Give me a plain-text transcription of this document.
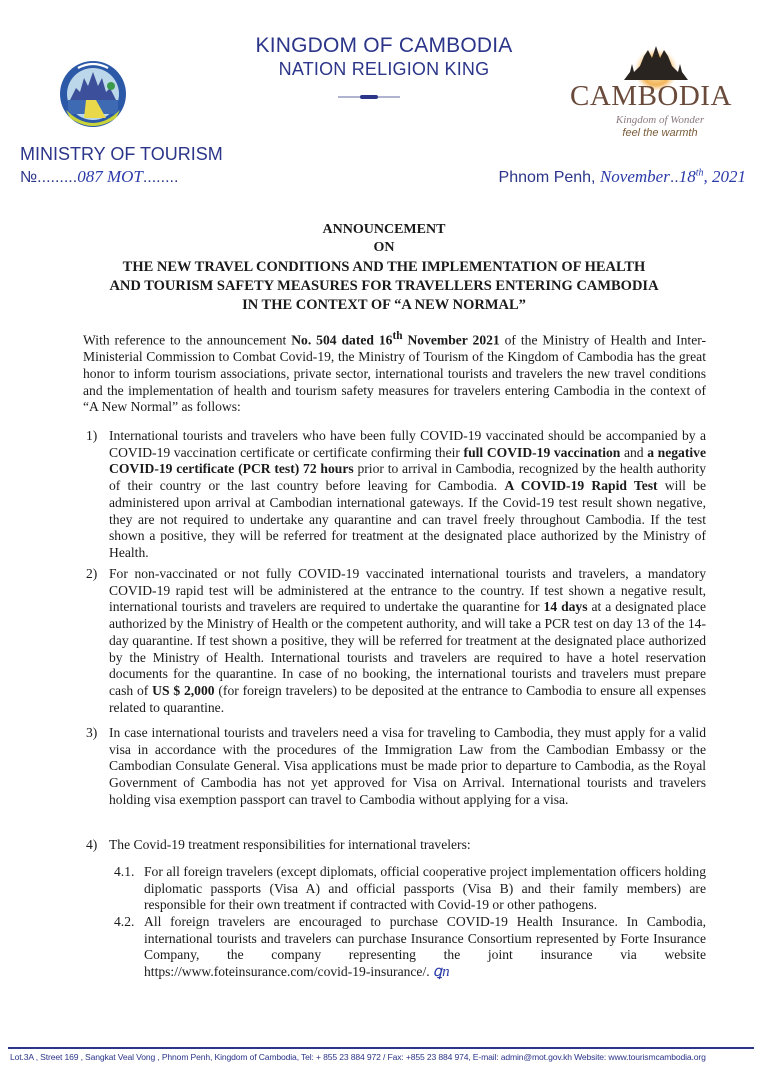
KINGDOM OF CAMBODIA
NATION RELIGION KING
CAMBODIA
Kingdom of Wonder
feel the warmth
MINISTRY OF TOURISM
№.........087 MOT........	Phnom Penh, November..18th, 2021
ANNOUNCEMENT
ON
THE NEW TRAVEL CONDITIONS AND THE IMPLEMENTATION OF HEALTH
AND TOURISM SAFETY MEASURES FOR TRAVELLERS ENTERING CAMBODIA
IN THE CONTEXT OF “A NEW NORMAL”
With reference to the announcement No. 504 dated 16th November 2021 of the Ministry of Health and Inter-Ministerial Commission to Combat Covid-19, the Ministry of Tourism of the Kingdom of Cambodia has the great honor to inform tourism associations, private sector, international tourists and travelers the new travel conditions and the implementation of health and tourism safety measures for travelers entering Cambodia in the context of “A New Normal” as follows:
1) International tourists and travelers who have been fully COVID-19 vaccinated should be accompanied by a COVID-19 vaccination certificate or certificate confirming their full COVID-19 vaccination and a negative COVID-19 certificate (PCR test) 72 hours prior to arrival in Cambodia, recognized by the health authority of their country or the last country before leaving for Cambodia. A COVID-19 Rapid Test will be administered upon arrival at Cambodian international gateways. If the Covid-19 test result shown negative, they are not required to undertake any quarantine and can travel freely throughout Cambodia. If the test shown a positive, they will be referred for treatment at the designated place authorized by the Ministry of Health.
2) For non-vaccinated or not fully COVID-19 vaccinated international tourists and travelers, a mandatory COVID-19 rapid test will be administered at the entrance to the country. If test shown a negative result, international tourists and travelers are required to undertake the quarantine for 14 days at a designated place authorized by the Ministry of Health or the competent authority, and will take a PCR test on day 13 of the 14-day quarantine. If test shown a positive, they will be referred for treatment at the designated place authorized by the Ministry of Health. International tourists and travelers are required to have a hotel reservation documents for the quarantine. In case of no booking, the international tourists and travelers must prepare cash of US $ 2,000 (for foreign travelers) to be deposited at the entrance to Cambodia to ensure all expenses related to quarantine.
3) In case international tourists and travelers need a visa for traveling to Cambodia, they must apply for a valid visa in accordance with the procedures of the Immigration Law from the Cambodian Embassy or the Cambodian Consulate General. Visa applications must be made prior to departure to Cambodia, as the Royal Government of Cambodia has not yet approved for Visa on Arrival. International tourists and travelers holding visa exemption passport can travel to Cambodia without applying for a visa.
4) The Covid-19 treatment responsibilities for international travelers:
4.1. For all foreign travelers (except diplomats, official cooperative project implementation officers holding diplomatic passports (Visa A) and official passports (Visa B) and their family members) are responsible for their own treatment if contracted with Covid-19 or other pathogens.
4.2. All foreign travelers are encouraged to purchase COVID-19 Health Insurance. In Cambodia, international tourists and travelers can purchase Insurance Consortium represented by Forte Insurance Company, the company representing the joint insurance via website https://www.foteinsurance.com/covid-19-insurance/. ꝗᴨ
Lot.3A , Street 169 , Sangkat Veal Vong , Phnom Penh, Kingdom of Cambodia, Tel: + 855 23 884 972 / Fax: +855 23 884 974, E-mail: admin@mot.gov.kh Website: www.tourismcambodia.org
